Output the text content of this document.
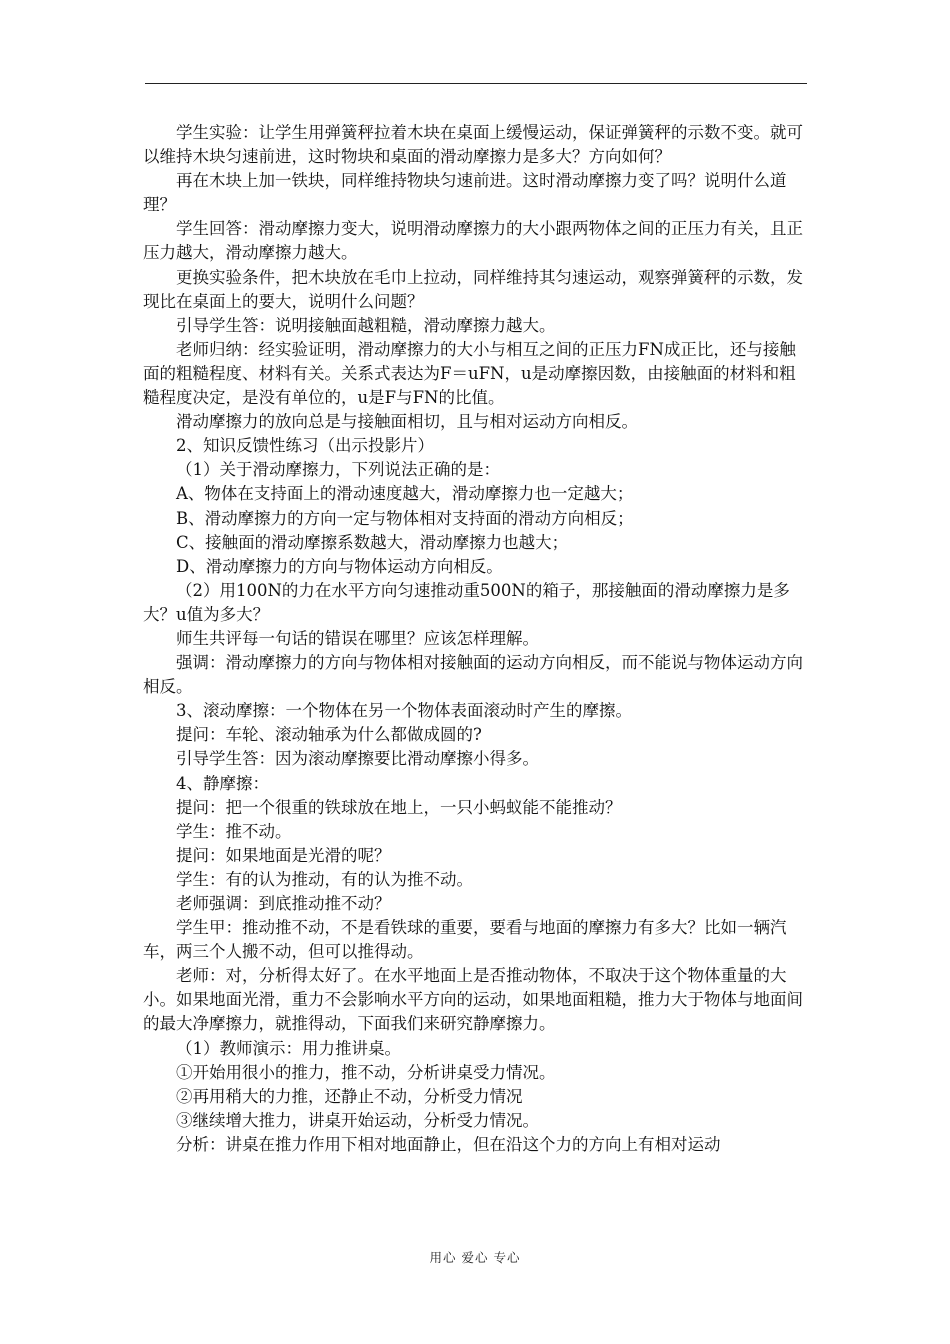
学生实验：让学生用弹簧秤拉着木块在桌面上缓慢运动，保证弹簧秤的示数不变。就可以维持木块匀速前进，这时物块和桌面的滑动摩擦力是多大？方向如何？

再在木块上加一铁块，同样维持物块匀速前进。这时滑动摩擦力变了吗？说明什么道理？

学生回答：滑动摩擦力变大，说明滑动摩擦力的大小跟两物体之间的正压力有关，且正压力越大，滑动摩擦力越大。

更换实验条件，把木块放在毛巾上拉动，同样维持其匀速运动，观察弹簧秤的示数，发现比在桌面上的要大，说明什么问题？

引导学生答：说明接触面越粗糙，滑动摩擦力越大。

老师归纳：经实验证明，滑动摩擦力的大小与相互之间的正压力FN成正比，还与接触面的粗糙程度、材料有关。关系式表达为F＝uFN，u是动摩擦因数，由接触面的材料和粗糙程度决定，是没有单位的，u是F与FN的比值。

滑动摩擦力的放向总是与接触面相切，且与相对运动方向相反。

2、知识反馈性练习（出示投影片）

（1）关于滑动摩擦力，下列说法正确的是：

A、物体在支持面上的滑动速度越大，滑动摩擦力也一定越大；

B、滑动摩擦力的方向一定与物体相对支持面的滑动方向相反；

C、接触面的滑动摩擦系数越大，滑动摩擦力也越大；

D、滑动摩擦力的方向与物体运动方向相反。

（2）用100N的力在水平方向匀速推动重500N的箱子，那接触面的滑动摩擦力是多大？u值为多大？

师生共评每一句话的错误在哪里？应该怎样理解。

强调：滑动摩擦力的方向与物体相对接触面的运动方向相反，而不能说与物体运动方向相反。

3、滚动摩擦：一个物体在另一个物体表面滚动时产生的摩擦。

提问：车轮、滚动轴承为什么都做成圆的?

引导学生答：因为滚动摩擦要比滑动摩擦小得多。

4、静摩擦：

提问：把一个很重的铁球放在地上，一只小蚂蚁能不能推动？

学生：推不动。

提问：如果地面是光滑的呢？

学生：有的认为推动，有的认为推不动。

老师强调：到底推动推不动？

学生甲：推动推不动，不是看铁球的重要，要看与地面的摩擦力有多大？比如一辆汽车，两三个人搬不动，但可以推得动。

老师：对，分析得太好了。在水平地面上是否推动物体，不取决于这个物体重量的大小。如果地面光滑，重力不会影响水平方向的运动，如果地面粗糙，推力大于物体与地面间的最大净摩擦力，就推得动，下面我们来研究静摩擦力。

（1）教师演示：用力推讲桌。

①开始用很小的推力，推不动，分析讲桌受力情况。

②再用稍大的力推，还静止不动，分析受力情况

③继续增大推力，讲桌开始运动，分析受力情况。

分析：讲桌在推力作用下相对地面静止，但在沿这个力的方向上有相对运动

用心 爱心 专心
